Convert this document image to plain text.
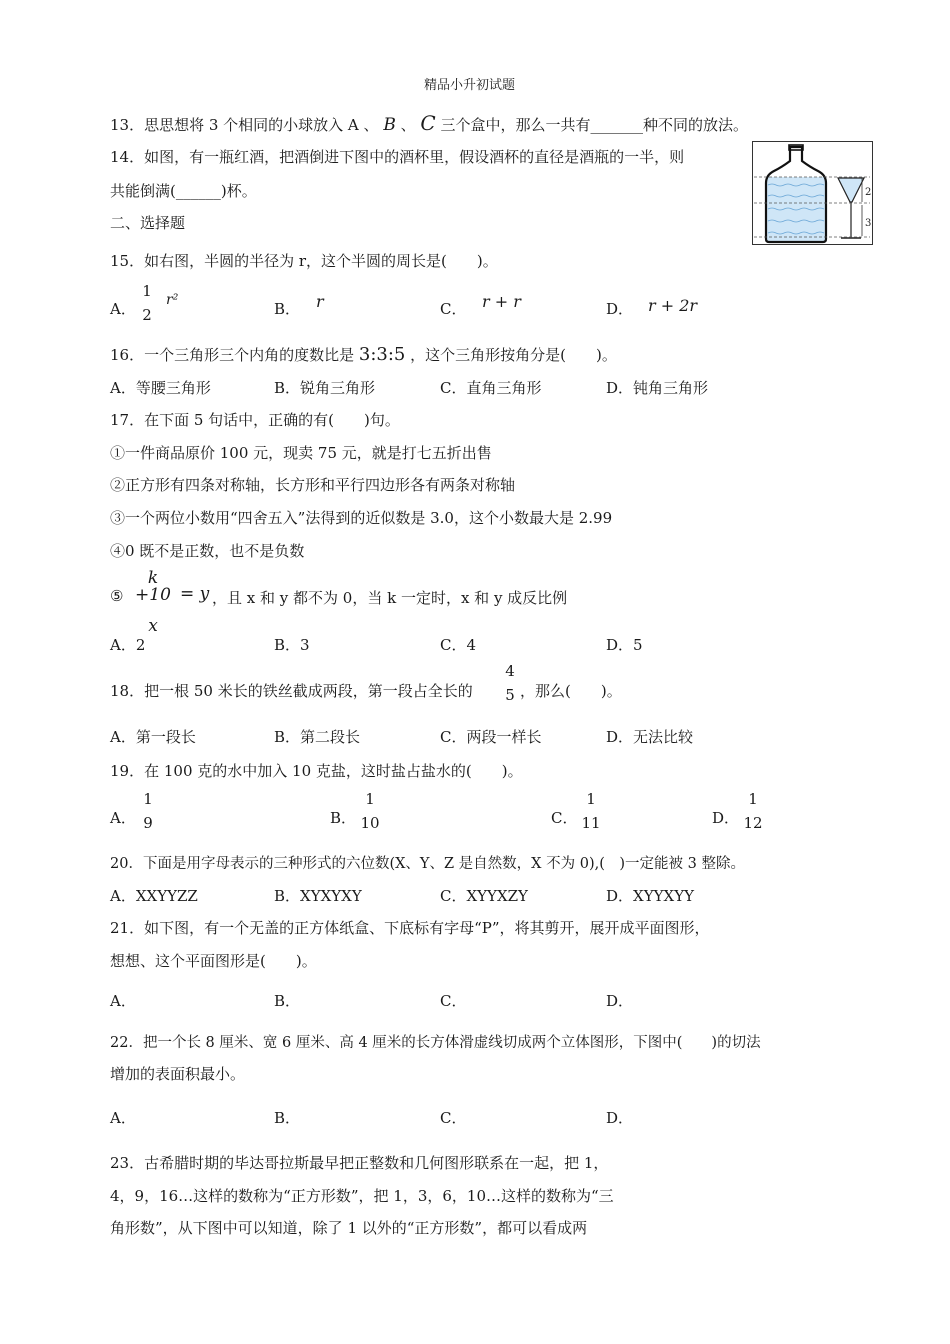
精品小升初试题
13．思思想将 3 个相同的小球放入 A 、 B 、 C 三个盒中，那么一共有_______种不同的放法。
14．如图，有一瓶红酒，把酒倒进下图中的酒杯里，假设酒杯的直径是酒瓶的一半，则
共能倒满(______)杯。	2
3
二、选择题
15．如右图，半圆的半径为 r，这个半圆的周长是(　　)。
A．
1
2
r²	B． r	C． r + r	D． r + 2r
16．一个三角形三个内角的度数比是 3:3:5 ，这个三角形按角分是(　　)。
A．等腰三角形	B．锐角三角形	C．直角三角形	D．钝角三角形
17．在下面 5 句话中，正确的有(　　)句。
①一件商品原价 100 元，现卖 75 元，就是打七五折出售
②正方形有四条对称轴，长方形和平行四边形各有两条对称轴
③一个两位小数用“四舍五入”法得到的近似数是 3.0，这个小数最大是 2.99
④0 既不是正数，也不是负数
⑤
k +10
x
= y ，且 x 和 y 都不为 0，当 k 一定时，x 和 y 成反比例
A．2	B．3	C．4	D．5
18．把一根 50 米长的铁丝截成两段，第一段占全长的
4
5 ，那么(　　)。
A．第一段长	B．第二段长	C．两段一样长	D．无法比较
19．在 100 克的水中加入 10 克盐，这时盐占盐水的(　　)。
A．
1
9	B．
1
10	C．
1
11	D．
1
12
20．下面是用字母表示的三种形式的六位数(X、Y、Z 是自然数，X 不为 0),(　)一定能被 3 整除。
A．XXYYZZ	B．XYXYXY	C．XYYXZY	D．XYYXYY
21．如下图，有一个无盖的正方体纸盒、下底标有字母“P”，将其剪开，展开成平面图形，
想想、这个平面图形是(　　)。
A．	B．	C．	D．
22．把一个长 8 厘米、宽 6 厘米、高 4 厘米的长方体滑虚线切成两个立体图形，下图中(　　)的切法
增加的表面积最小。
A．	B．	C．	D．
23．古希腊时期的毕达哥拉斯最早把正整数和几何图形联系在一起，把 1，
4，9，16…这样的数称为“正方形数”，把 1，3，6，10…这样的数称为“三
角形数”，从下图中可以知道，除了 1 以外的“正方形数”，都可以看成两
